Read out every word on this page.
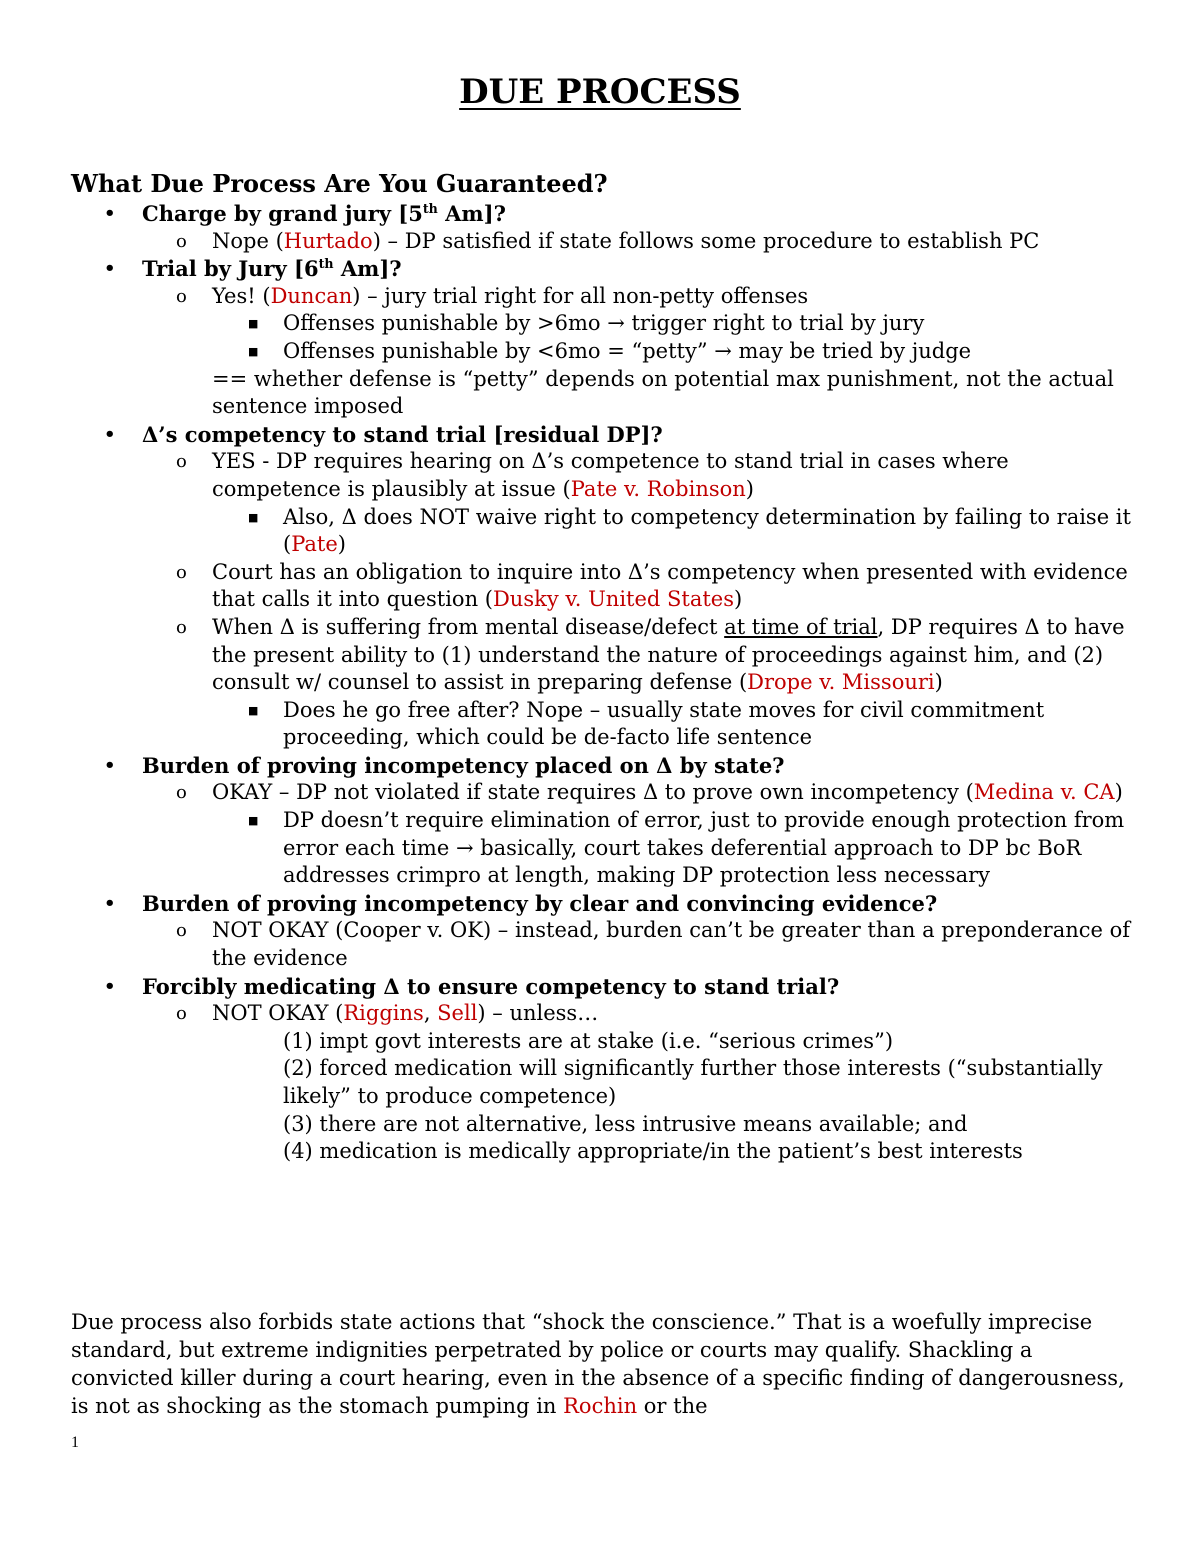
DUE PROCESS
What Due Process Are You Guaranteed?
• Charge by grand jury [5th Am]?
o Nope (Hurtado) – DP satisfied if state follows some procedure to establish PC
• Trial by Jury [6th Am]?
o Yes! (Duncan) – jury trial right for all non-petty offenses
■ Offenses punishable by >6mo → trigger right to trial by jury
■ Offenses punishable by <6mo = “petty” → may be tried by judge
== whether defense is “petty” depends on potential max punishment, not the actual sentence imposed
• Δ’s competency to stand trial [residual DP]?
o YES - DP requires hearing on Δ’s competence to stand trial in cases where competence is plausibly at issue (Pate v. Robinson)
■ Also, Δ does NOT waive right to competency determination by failing to raise it (Pate)
o Court has an obligation to inquire into Δ’s competency when presented with evidence that calls it into question (Dusky v. United States)
o When Δ is suffering from mental disease/defect at time of trial, DP requires Δ to have the present ability to (1) understand the nature of proceedings against him, and (2) consult w/ counsel to assist in preparing defense (Drope v. Missouri)
■ Does he go free after? Nope – usually state moves for civil commitment proceeding, which could be de-facto life sentence
• Burden of proving incompetency placed on Δ by state?
o OKAY – DP not violated if state requires Δ to prove own incompetency (Medina v. CA)
■ DP doesn’t require elimination of error, just to provide enough protection from error each time → basically, court takes deferential approach to DP bc BoR addresses crimpro at length, making DP protection less necessary
• Burden of proving incompetency by clear and convincing evidence?
o NOT OKAY (Cooper v. OK) – instead, burden can’t be greater than a preponderance of the evidence
• Forcibly medicating Δ to ensure competency to stand trial?
o NOT OKAY (Riggins, Sell) – unless…
(1) impt govt interests are at stake (i.e. “serious crimes”)
(2) forced medication will significantly further those interests (“substantially likely” to produce competence)
(3) there are not alternative, less intrusive means available; and
(4) medication is medically appropriate/in the patient’s best interests
Due process also forbids state actions that “shock the conscience.” That is a woefully imprecise standard, but extreme indignities perpetrated by police or courts may qualify. Shackling a convicted killer during a court hearing, even in the absence of a specific finding of dangerousness, is not as shocking as the stomach pumping in Rochin or the
1
